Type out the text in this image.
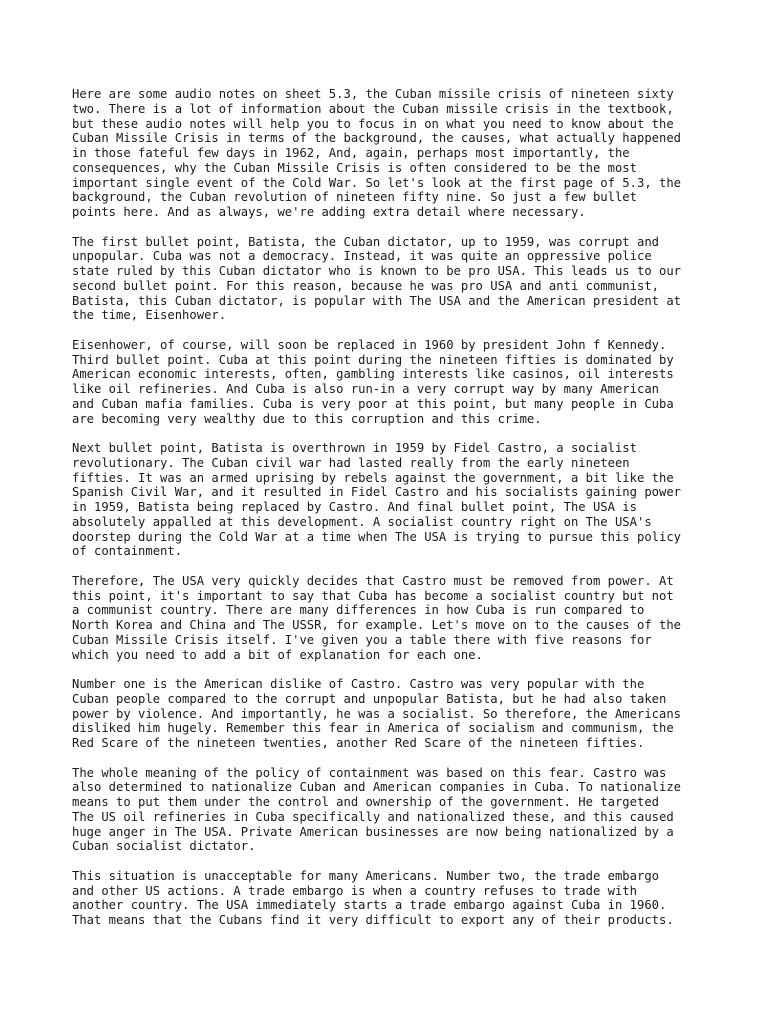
Here are some audio notes on sheet 5.3, the Cuban missile crisis of nineteen sixty
two. There is a lot of information about the Cuban missile crisis in the textbook,
but these audio notes will help you to focus in on what you need to know about the
Cuban Missile Crisis in terms of the background, the causes, what actually happened
in those fateful few days in 1962, And, again, perhaps most importantly, the
consequences, why the Cuban Missile Crisis is often considered to be the most
important single event of the Cold War. So let's look at the first page of 5.3, the
background, the Cuban revolution of nineteen fifty nine. So just a few bullet
points here. And as always, we're adding extra detail where necessary.

The first bullet point, Batista, the Cuban dictator, up to 1959, was corrupt and
unpopular. Cuba was not a democracy. Instead, it was quite an oppressive police
state ruled by this Cuban dictator who is known to be pro USA. This leads us to our
second bullet point. For this reason, because he was pro USA and anti communist,
Batista, this Cuban dictator, is popular with The USA and the American president at
the time, Eisenhower.

Eisenhower, of course, will soon be replaced in 1960 by president John f Kennedy.
Third bullet point. Cuba at this point during the nineteen fifties is dominated by
American economic interests, often, gambling interests like casinos, oil interests
like oil refineries. And Cuba is also run-in a very corrupt way by many American
and Cuban mafia families. Cuba is very poor at this point, but many people in Cuba
are becoming very wealthy due to this corruption and this crime.

Next bullet point, Batista is overthrown in 1959 by Fidel Castro, a socialist
revolutionary. The Cuban civil war had lasted really from the early nineteen
fifties. It was an armed uprising by rebels against the government, a bit like the
Spanish Civil War, and it resulted in Fidel Castro and his socialists gaining power
in 1959, Batista being replaced by Castro. And final bullet point, The USA is
absolutely appalled at this development. A socialist country right on The USA's
doorstep during the Cold War at a time when The USA is trying to pursue this policy
of containment.

Therefore, The USA very quickly decides that Castro must be removed from power. At
this point, it's important to say that Cuba has become a socialist country but not
a communist country. There are many differences in how Cuba is run compared to
North Korea and China and The USSR, for example. Let's move on to the causes of the
Cuban Missile Crisis itself. I've given you a table there with five reasons for
which you need to add a bit of explanation for each one.

Number one is the American dislike of Castro. Castro was very popular with the
Cuban people compared to the corrupt and unpopular Batista, but he had also taken
power by violence. And importantly, he was a socialist. So therefore, the Americans
disliked him hugely. Remember this fear in America of socialism and communism, the
Red Scare of the nineteen twenties, another Red Scare of the nineteen fifties.

The whole meaning of the policy of containment was based on this fear. Castro was
also determined to nationalize Cuban and American companies in Cuba. To nationalize
means to put them under the control and ownership of the government. He targeted
The US oil refineries in Cuba specifically and nationalized these, and this caused
huge anger in The USA. Private American businesses are now being nationalized by a
Cuban socialist dictator.

This situation is unacceptable for many Americans. Number two, the trade embargo
and other US actions. A trade embargo is when a country refuses to trade with
another country. The USA immediately starts a trade embargo against Cuba in 1960.
That means that the Cubans find it very difficult to export any of their products.
